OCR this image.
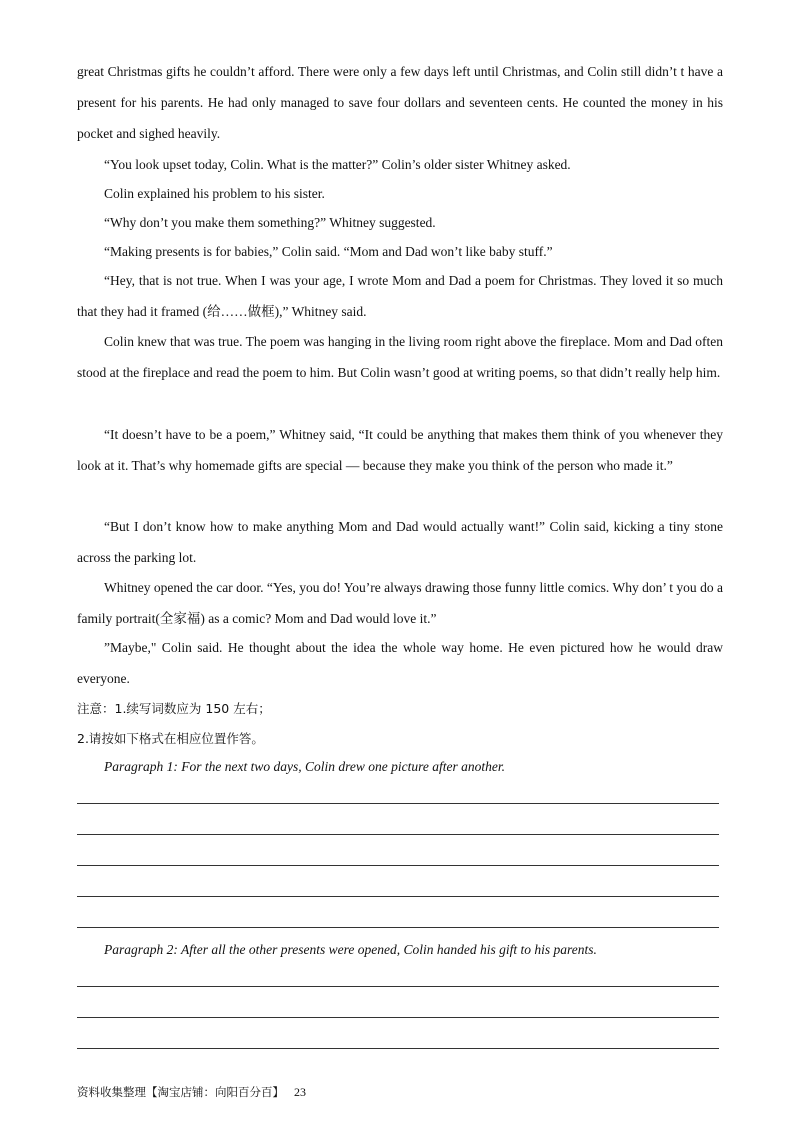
great Christmas gifts he couldn’t afford. There were only a few days left until Christmas, and Colin still didn’t t have a present for his parents. He had only managed to save four dollars and seventeen cents. He counted the money in his pocket and sighed heavily.

“You look upset today, Colin. What is the matter?” Colin’s older sister Whitney asked.

Colin explained his problem to his sister.

“Why don’t you make them something?” Whitney suggested.

“Making presents is for babies,” Colin said. “Mom and Dad won’t like baby stuff.”

“Hey, that is not true. When I was your age, I wrote Mom and Dad a poem for Christmas. They loved it so much that they had it framed (给……做框),” Whitney said.

Colin knew that was true. The poem was hanging in the living room right above the fireplace. Mom and Dad often stood at the fireplace and read the poem to him. But Colin wasn’t good at writing poems, so that didn’t really help him.

“It doesn’t have to be a poem,” Whitney said, “It could be anything that makes them think of you whenever they look at it. That’s why homemade gifts are special — because they make you think of the person who made it.”

“But I don’t know how to make anything Mom and Dad would actually want!” Colin said, kicking a tiny stone across the parking lot.

Whitney opened the car door. “Yes, you do! You’re always drawing those funny little comics. Why don’ t you do a family portrait(全家福) as a comic? Mom and Dad would love it.”

”Maybe," Colin said. He thought about the idea the whole way home. He even pictured how he would draw everyone.

注意：1.续写词数应为 150 左右；

2.请按如下格式在相应位置作答。

Paragraph 1: For the next two days, Colin drew one picture after another.

Paragraph 2: After all the other presents were opened, Colin handed his gift to his parents.

资料收集整理【淘宝店铺：向阳百分百】 23
